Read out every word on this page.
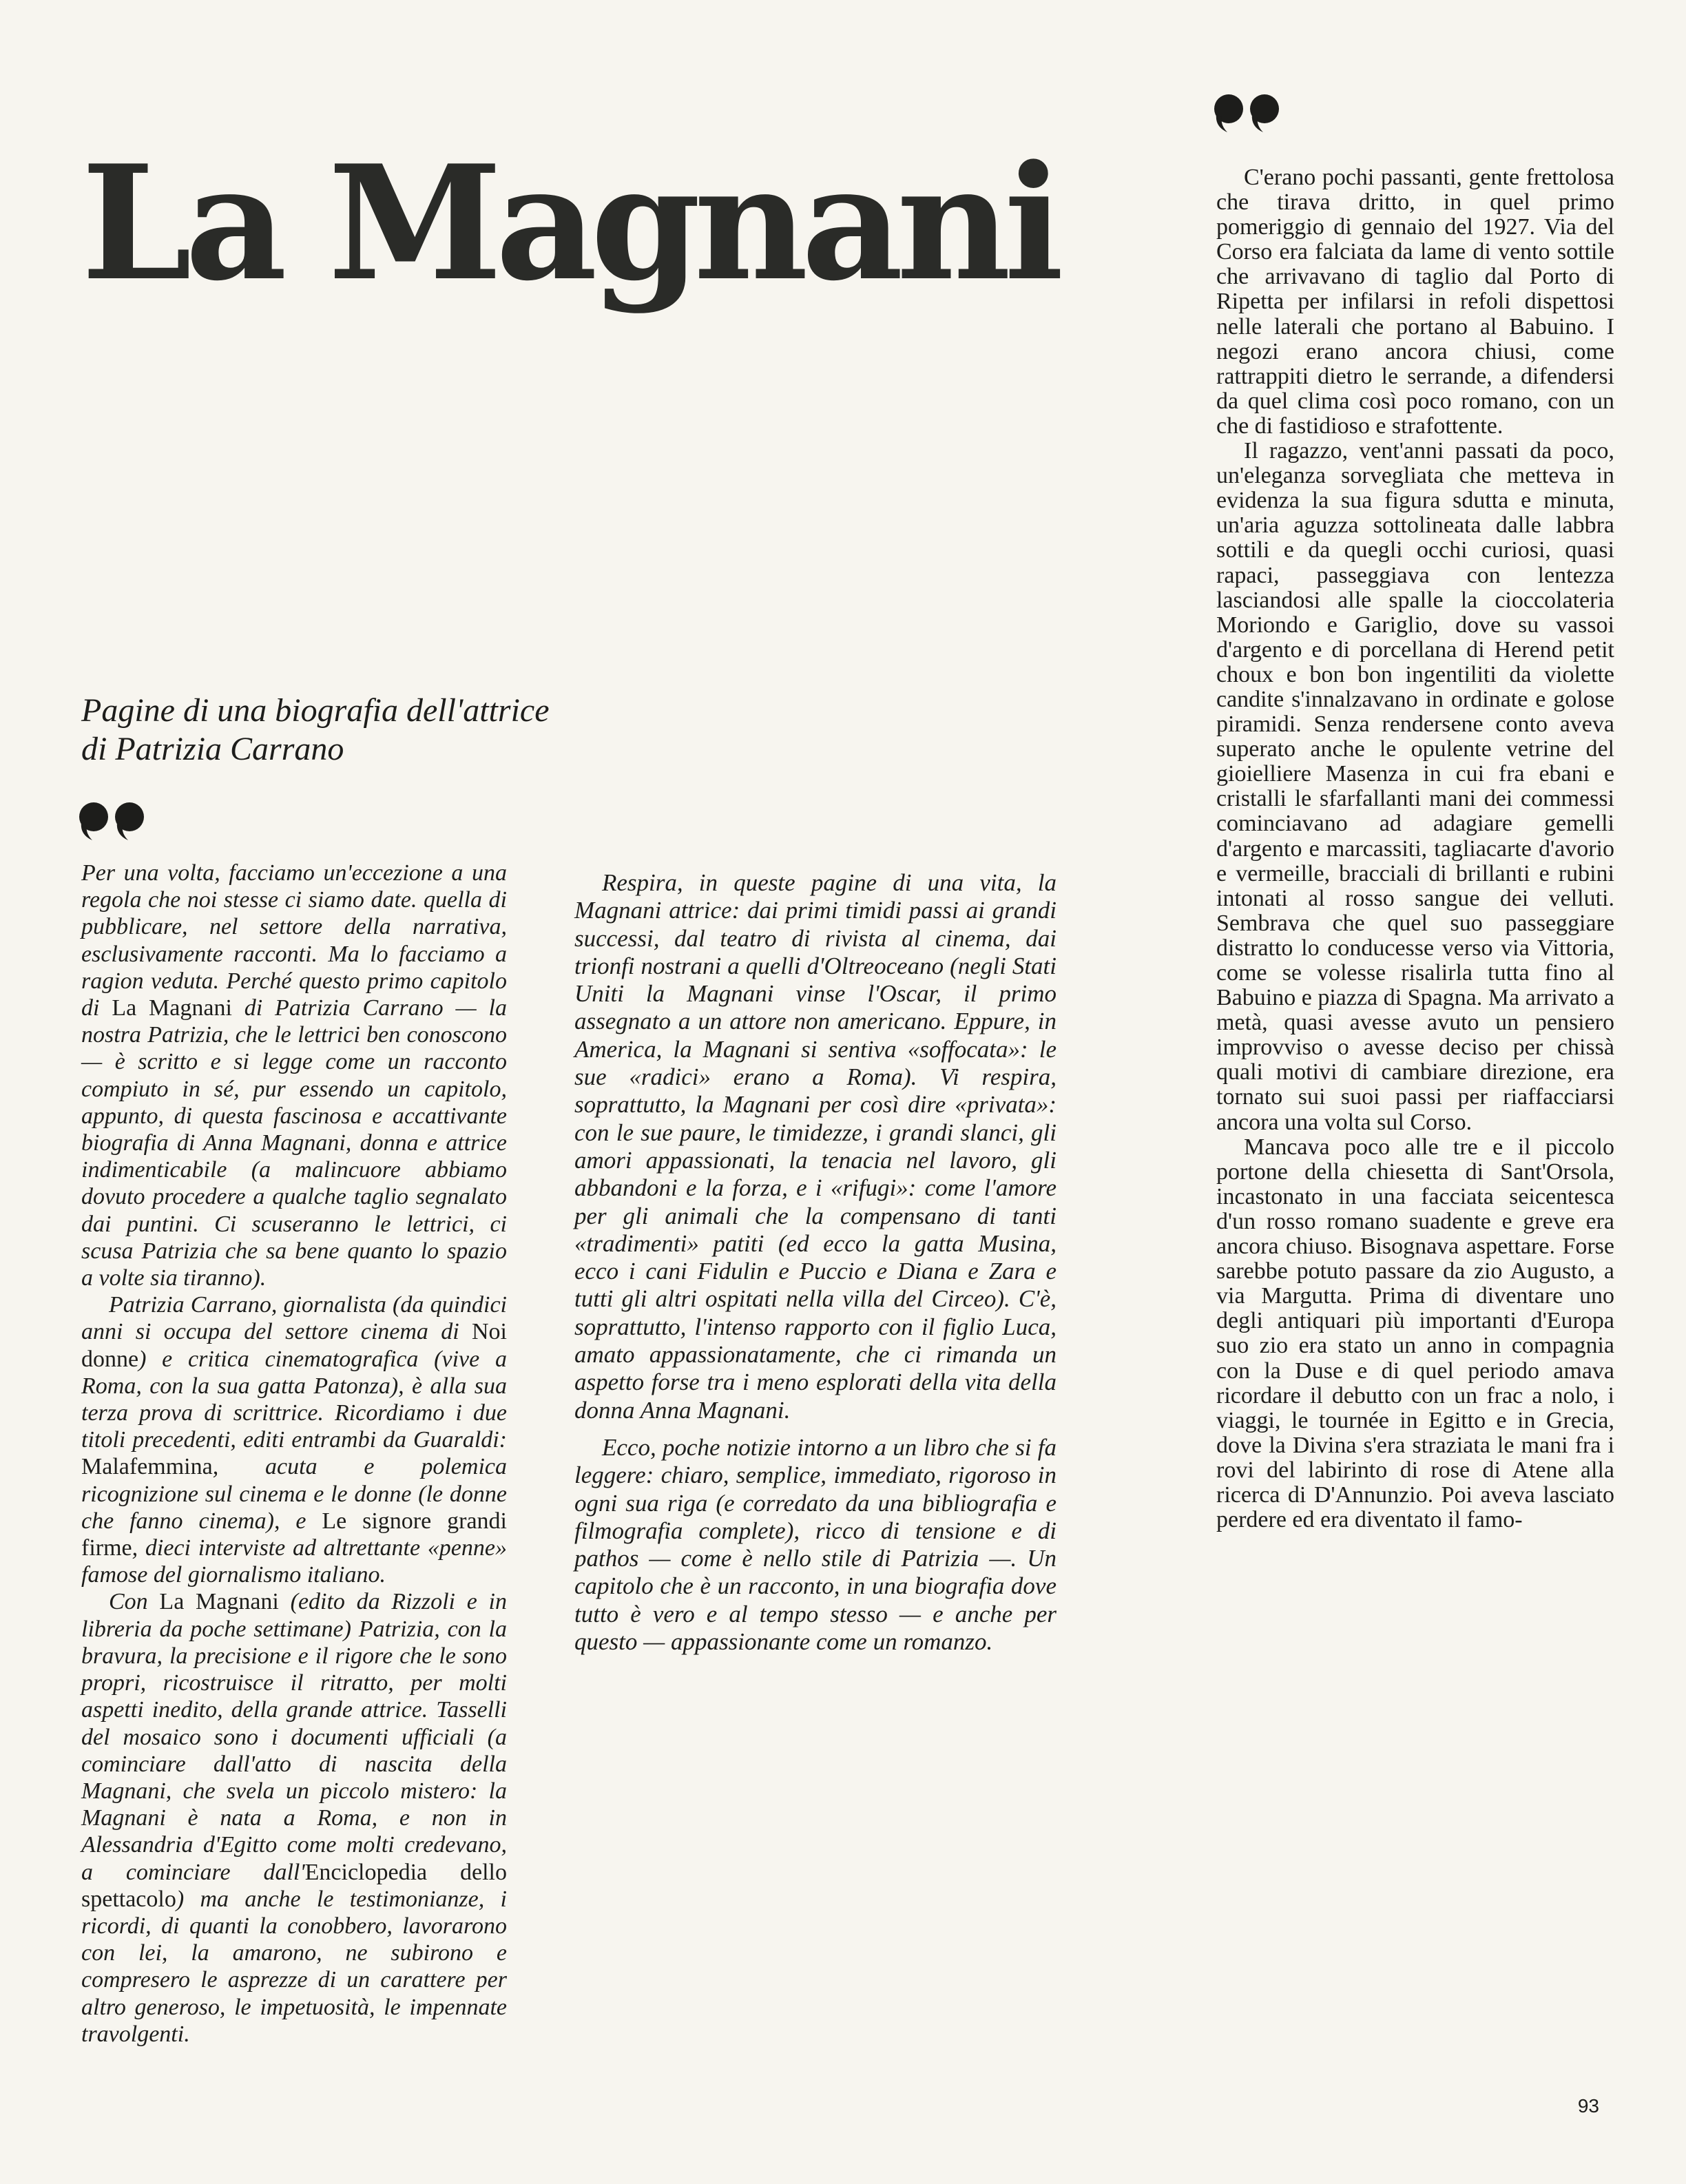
La Magnani
Pagine di una biografia dell'attrice
di Patrizia Carrano

Per una volta, facciamo un'eccezione a una regola che noi stesse ci siamo date. quella di pubblicare, nel settore della narrativa, esclusivamente racconti. Ma lo facciamo a ragion veduta. Perché questo primo capitolo di La Magnani di Patrizia Carrano — la nostra Patrizia, che le lettrici ben conoscono — è scritto e si legge come un racconto compiuto in sé, pur essendo un capitolo, appunto, di questa fascinosa e accattivante biografia di Anna Magnani, donna e attrice indimenticabile (a malincuore abbiamo dovuto procedere a qualche taglio segnalato dai puntini. Ci scuseranno le lettrici, ci scusa Patrizia che sa bene quanto lo spazio a volte sia tiranno).

Patrizia Carrano, giornalista (da quindici anni si occupa del settore cinema di Noi donne) e critica cinematografica (vive a Roma, con la sua gatta Patonza), è alla sua terza prova di scrittrice. Ricordiamo i due titoli precedenti, editi entrambi da Guaraldi: Malafemmina, acuta e polemica ricognizione sul cinema e le donne (le donne che fanno cinema), e Le signore grandi firme, dieci interviste ad altrettante «penne» famose del giornalismo italiano.

Con La Magnani (edito da Rizzoli e in libreria da poche settimane) Patrizia, con la bravura, la precisione e il rigore che le sono propri, ricostruisce il ritratto, per molti aspetti inedito, della grande attrice. Tasselli del mosaico sono i documenti ufficiali (a cominciare dall'atto di nascita della Magnani, che svela un piccolo mistero: la Magnani è nata a Roma, e non in Alessandria d'Egitto come molti credevano, a cominciare dall'Enciclopedia dello spettacolo) ma anche le testimonianze, i ricordi, di quanti la conobbero, lavorarono con lei, la amarono, ne subirono e compresero le asprezze di un carattere per altro generoso, le impetuosità, le impennate travolgenti.

Respira, in queste pagine di una vita, la Magnani attrice: dai primi timidi passi ai grandi successi, dal teatro di rivista al cinema, dai trionfi nostrani a quelli d'Oltreoceano (negli Stati Uniti la Magnani vinse l'Oscar, il primo assegnato a un attore non americano. Eppure, in America, la Magnani si sentiva «soffocata»: le sue «radici» erano a Roma). Vi respira, soprattutto, la Magnani per così dire «privata»: con le sue paure, le timidezze, i grandi slanci, gli amori appassionati, la tenacia nel lavoro, gli abbandoni e la forza, e i «rifugi»: come l'amore per gli animali che la compensano di tanti «tradimenti» patiti (ed ecco la gatta Musina, ecco i cani Fidulin e Puccio e Diana e Zara e tutti gli altri ospitati nella villa del Circeo). C'è, soprattutto, l'intenso rapporto con il figlio Luca, amato appassionatamente, che ci rimanda un aspetto forse tra i meno esplorati della vita della donna Anna Magnani.

Ecco, poche notizie intorno a un libro che si fa leggere: chiaro, semplice, immediato, rigoroso in ogni sua riga (e corredato da una bibliografia e filmografia complete), ricco di tensione e di pathos — come è nello stile di Patrizia —. Un capitolo che è un racconto, in una biografia dove tutto è vero e al tempo stesso — e anche per questo — appassionante come un romanzo.

C'erano pochi passanti, gente frettolosa che tirava dritto, in quel primo pomeriggio di gennaio del 1927. Via del Corso era falciata da lame di vento sottile che arrivavano di taglio dal Porto di Ripetta per infilarsi in refoli dispettosi nelle laterali che portano al Babuino. I negozi erano ancora chiusi, come rattrappiti dietro le serrande, a difendersi da quel clima così poco romano, con un che di fastidioso e strafottente.

Il ragazzo, vent'anni passati da poco, un'eleganza sorvegliata che metteva in evidenza la sua figura sdutta e minuta, un'aria aguzza sottolineata dalle labbra sottili e da quegli occhi curiosi, quasi rapaci, passeggiava con lentezza lasciandosi alle spalle la cioccolateria Moriondo e Gariglio, dove su vassoi d'argento e di porcellana di Herend petit choux e bon bon ingentiliti da violette candite s'innalzavano in ordinate e golose piramidi. Senza rendersene conto aveva superato anche le opulente vetrine del gioielliere Masenza in cui fra ebani e cristalli le sfarfallanti mani dei commessi cominciavano ad adagiare gemelli d'argento e marcassiti, tagliacarte d'avorio e vermeille, bracciali di brillanti e rubini intonati al rosso sangue dei velluti. Sembrava che quel suo passeggiare distratto lo conducesse verso via Vittoria, come se volesse risalirla tutta fino al Babuino e piazza di Spagna. Ma arrivato a metà, quasi avesse avuto un pensiero improvviso o avesse deciso per chissà quali motivi di cambiare direzione, era tornato sui suoi passi per riaffacciarsi ancora una volta sul Corso.

Mancava poco alle tre e il piccolo portone della chiesetta di Sant'Orsola, incastonato in una facciata seicentesca d'un rosso romano suadente e greve era ancora chiuso. Bisognava aspettare. Forse sarebbe potuto passare da zio Augusto, a via Margutta. Prima di diventare uno degli antiquari più importanti d'Europa suo zio era stato un anno in compagnia con la Duse e di quel periodo amava ricordare il debutto con un frac a nolo, i viaggi, le tournée in Egitto e in Grecia, dove la Divina s'era straziata le mani fra i rovi del labirinto di rose di Atene alla ricerca di D'Annunzio. Poi aveva lasciato perdere ed era diventato il famo-

93
